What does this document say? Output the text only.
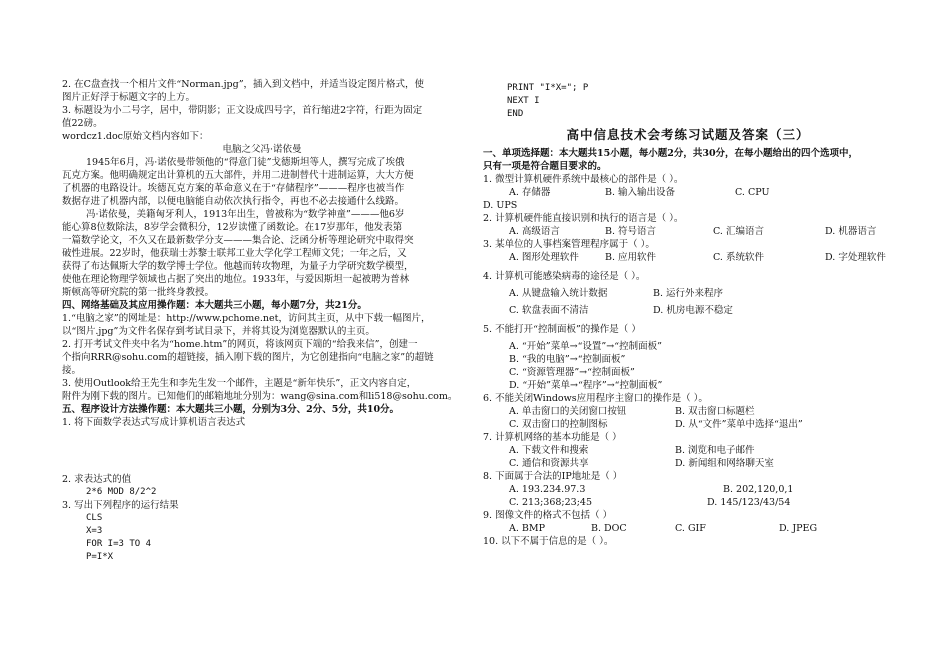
2. 在C盘查找一个相片文件“Norman.jpg”，插入到文档中，并适当设定图片格式，使
图片正好浮于标题文字的上方。
3. 标题设为小二号字，居中，带阴影；正文设成四号字，首行缩进2字符，行距为固定
值22磅。
wordcz1.doc原始文档内容如下：
电脑之父冯·诺依曼
1945年6月，冯·诺依曼带领他的“得意门徒”戈德斯坦等人，撰写完成了埃俄
瓦克方案。他明确规定出计算机的五大部件，并用二进制替代十进制运算，大大方便
了机器的电路设计。埃德瓦克方案的革命意义在于“存储程序”———程序也被当作
数据存进了机器内部，以便电脑能自动依次执行指令，再也不必去接通什么线路。
冯·诺依曼，美籍匈牙利人，1913年出生，曾被称为“数学神童”———他6岁
能心算8位数除法，8岁学会微积分，12岁读懂了函数论。在17岁那年，他发表第
一篇数学论文，不久又在最新数学分支———集合论、泛函分析等理论研究中取得突
破性进展。22岁时，他获瑞士苏黎士联邦工业大学化学工程师文凭；一年之后，又
获得了布达佩斯大学的数学博士学位。他越而转攻物理，为量子力学研究数学模型，
使他在理论物理学领域也占据了突出的地位。1933年，与爱因斯坦一起被聘为普林
斯顿高等研究院的第一批终身教授。
四、网络基础及其应用操作题：本大题共三小题，每小题7分，共21分。
1.“电脑之家”的网址是：http://www.pchome.net，访问其主页，从中下载一幅图片，
以“图片.jpg”为文件名保存到考试目录下，并将其设为浏览器默认的主页。
2. 打开考试文件夹中名为“home.htm”的网页，将该网页下端的“给我来信”，创建一
个指向RRR@sohu.com的超链接，插入刚下载的图片，为它创建指向“电脑之家”的超链
接。
3. 使用Outlook给王先生和李先生发一个邮件，主题是“新年快乐”，正文内容自定，
附件为刚下载的图片。已知他们的邮箱地址分别为：wang@sina.com和li518@sohu.com。
五、程序设计方法操作题：本大题共三小题，分别为3分、2分、5分，共10分。
1. 将下面数学表达式写成计算机语言表达式
2. 求表达式的值
2*6 MOD 8/2^2
3. 写出下列程序的运行结果
CLS
X=3
FOR I=3 TO 4
P=I*X
PRINT "I*X="; P
NEXT I
END
高中信息技术会考练习试题及答案（三）
一、单项选择题：本大题共15小题，每小题2分，共30分，在每小题给出的四个选项中，
只有一项是符合题目要求的。
1. 微型计算机硬件系统中最核心的部件是（ ）。
A. 存储器	B. 输入输出设备	C. CPU
D. UPS
2. 计算机硬件能直接识别和执行的语言是（ ）。
A. 高级语言	B. 符号语言	C. 汇编语言	D. 机器语言
3. 某单位的人事档案管理程序属于（ ）。
A. 图形处理软件	B. 应用软件	C. 系统软件	D. 字处理软件
4. 计算机可能感染病毒的途径是（ ）。
A. 从键盘输入统计数据	B. 运行外来程序
C. 软盘表面不清洁	D. 机房电源不稳定
5. 不能打开“控制面板”的操作是（ ）
A. “开始”菜单→“设置”→“控制面板”
B. “我的电脑”→“控制面板”
C. “资源管理器”→“控制面板”
D. “开始”菜单→“程序”→“控制面板”
6. 不能关闭Windows应用程序主窗口的操作是（ ）。
A. 单击窗口的关闭窗口按钮	B. 双击窗口标题栏
C. 双击窗口的控制图标	D. 从“文件”菜单中选择“退出”
7. 计算机网络的基本功能是（ ）
A. 下载文件和搜索	B. 浏览和电子邮件
C. 通信和资源共享	D. 新闻组和网络聊天室
8. 下面属于合法的IP地址是（ ）
A. 193.234.97.3	B. 202,120,0,1
C. 213;368;23;45	D. 145/123/43/54
9. 图像文件的格式不包括（ ）
A. BMP	B. DOC	C. GIF	D. JPEG
10. 以下不属于信息的是（ ）。
